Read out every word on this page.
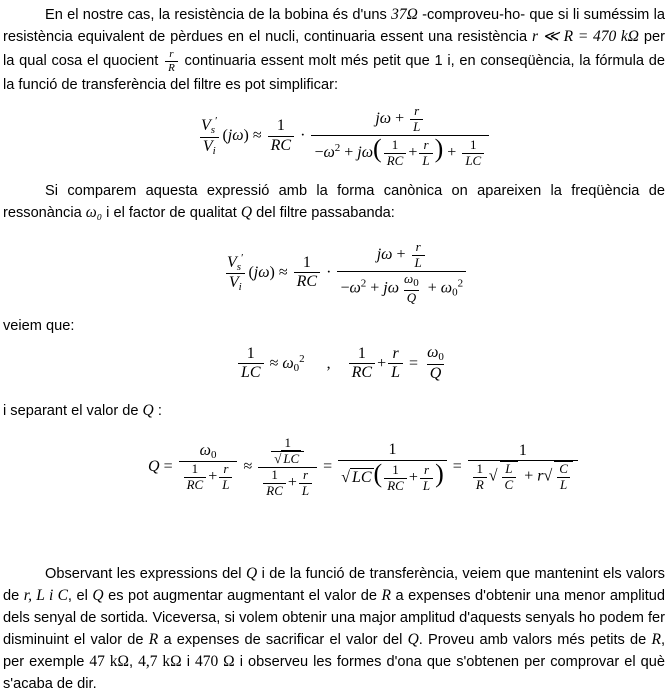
En el nostre cas, la resistència de la bobina és d'uns 37Ω -comproveu-ho- que si li suméssim la resistència equivalent de pèrdues en el nucli, continuaria essent una resistència r ≪ R = 470 kΩ per la qual cosa el quocient $\frac{r}{R}$ continuaria essent molt més petit que 1 i, en conseqüència, la fórmula de la funció de transferència del filtre es pot simplificar:

$V_s'$
$V_i$
$(j\omega) \approx \frac{1}{RC}$ ·
$j\omega + \frac{r}{L}$
$-\omega^2 + j\omega( \frac{1}{RC} + \frac{r}{L}$ ) + $\frac{1}{LC}$

Si comparem aquesta expressió amb la forma canònica on apareixen la freqüència de ressonància ω₀ i el factor de qualitat Q del filtre passabanda:

$V_s'$
$V_i$
$(j\omega) \approx \frac{1}{RC}$ ·
$j\omega + \frac{r}{L}$
$-\omega^2 + j\omega \frac{\omega_0}{Q} + \omega_0^2$

veiem que:

$\frac{1}{LC} \approx \omega_0^2$ ,
1
RC
+ $\frac{r}{L} = \frac{\omega_0}{Q}$

i separant el valor de Q :

$Q = \frac{\omega_0}{\frac{1}{RC} + \frac{r}{L}} \approx \frac{\frac{1}{√ LC}}{\frac{1}{RC} + \frac{r}{L}} = \frac{1}{√ LC( \frac{1}{RC} + \frac{r}{L} )} = \frac{1}{\frac{1}{R} √ \frac{L}{C} + r√ \frac{C}{L}}$

Observant les expressions del Q i de la funció de transferència, veiem que mantenint els valors de r, L i C, el Q es pot augmentar augmentant el valor de R a expenses d'obtenir una menor amplitud dels senyal de sortida. Viceversa, si volem obtenir una major amplitud d'aquests senyals ho podem fer disminuint el valor de R a expenses de sacrificar el valor del Q. Proveu amb valors més petits de R, per exemple 47 kΩ, 4,7 kΩ i 470 Ω i observeu les formes d'ona que s'obtenen per comprovar el què s'acaba de dir.
